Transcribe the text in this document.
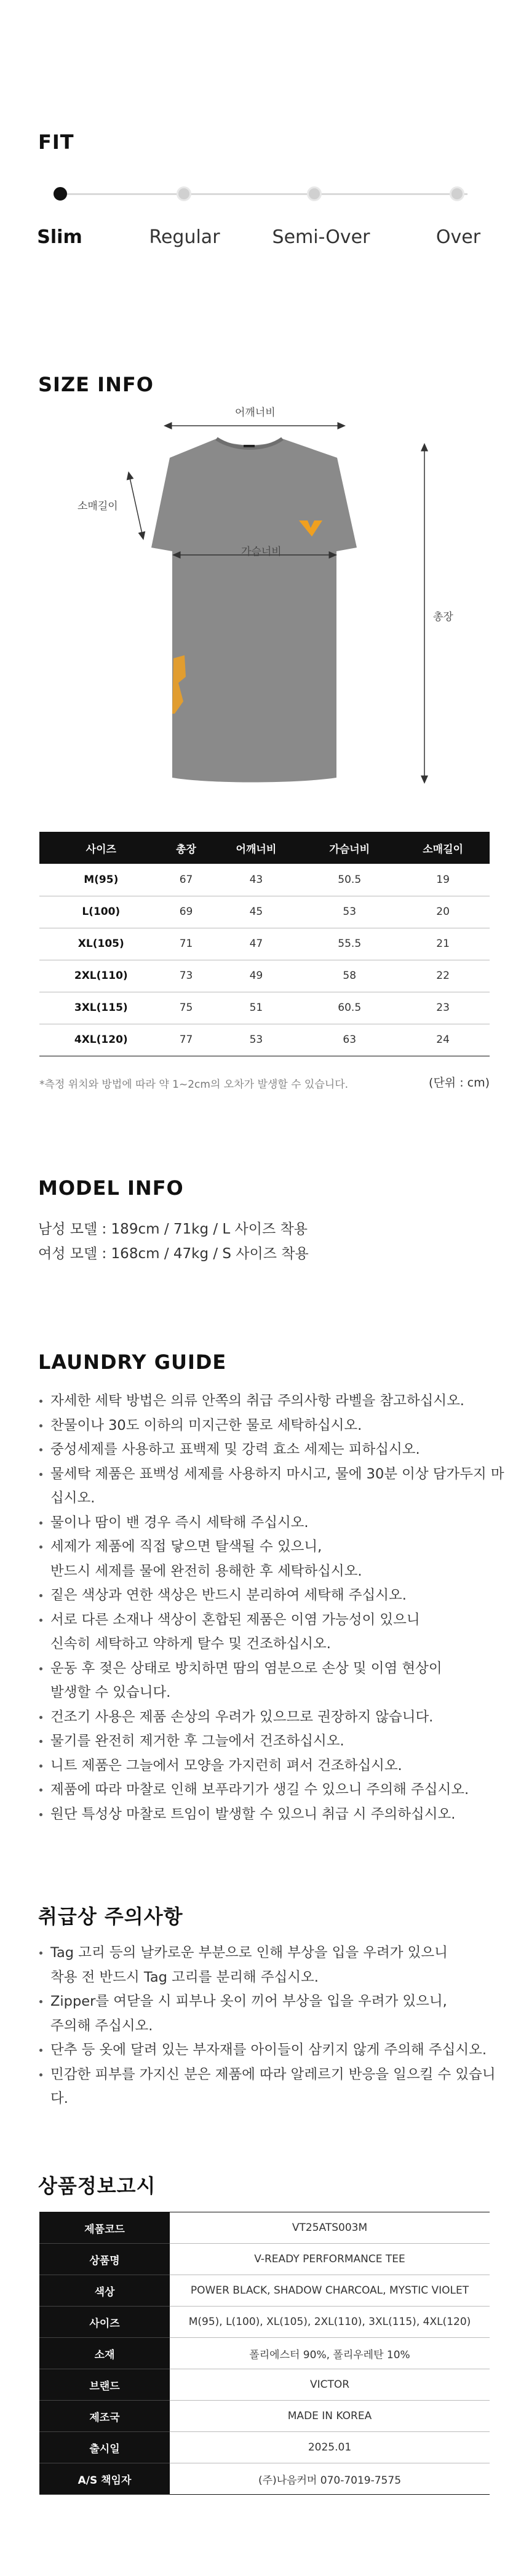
FIT
Slim	Regular	Semi-Over	Over
SIZE INFO
어깨너비
가슴너비
소매길이
총장
사이즈	총장	어깨너비	가슴너비	소매길이
M(95)	67	43	50.5	19
L(100)	69	45	53	20
XL(105)	71	47	55.5	21
2XL(110)	73	49	58	22
3XL(115)	75	51	60.5	23
4XL(120)	77	53	63	24
*측정 위치와 방법에 따라 약 1~2cm의 오차가 발생할 수 있습니다.	(단위 : cm)
MODEL INFO
남성 모델 : 189cm / 71kg / L 사이즈 착용
여성 모델 : 168cm / 47kg / S 사이즈 착용
LAUNDRY GUIDE
자세한 세탁 방법은 의류 안쪽의 취급 주의사항 라벨을 참고하십시오.
찬물이나 30도 이하의 미지근한 물로 세탁하십시오.
중성세제를 사용하고 표백제 및 강력 효소 세제는 피하십시오.
물세탁 제품은 표백성 세제를 사용하지 마시고, 물에 30분 이상 담가두지 마십시오.
물이나 땀이 밴 경우 즉시 세탁해 주십시오.
세제가 제품에 직접 닿으면 탈색될 수 있으니,
반드시 세제를 물에 완전히 용해한 후 세탁하십시오.
짙은 색상과 연한 색상은 반드시 분리하여 세탁해 주십시오.
서로 다른 소재나 색상이 혼합된 제품은 이염 가능성이 있으니
신속히 세탁하고 약하게 탈수 및 건조하십시오.
운동 후 젖은 상태로 방치하면 땀의 염분으로 손상 및 이염 현상이
발생할 수 있습니다.
건조기 사용은 제품 손상의 우려가 있으므로 권장하지 않습니다.
물기를 완전히 제거한 후 그늘에서 건조하십시오.
니트 제품은 그늘에서 모양을 가지런히 펴서 건조하십시오.
제품에 따라 마찰로 인해 보푸라기가 생길 수 있으니 주의해 주십시오.
원단 특성상 마찰로 트임이 발생할 수 있으니 취급 시 주의하십시오.
취급상 주의사항
Tag 고리 등의 날카로운 부분으로 인해 부상을 입을 우려가 있으니
착용 전 반드시 Tag 고리를 분리해 주십시오.
Zipper를 여닫을 시 피부나 옷이 끼어 부상을 입을 우려가 있으니,
주의해 주십시오.
단추 등 옷에 달려 있는 부자재를 아이들이 삼키지 않게 주의해 주십시오.
민감한 피부를 가지신 분은 제품에 따라 알레르기 반응을 일으킬 수 있습니다.
상품정보고시
제품코드	VT25ATS003M
상품명	V-READY PERFORMANCE TEE
색상	POWER BLACK, SHADOW CHARCOAL, MYSTIC VIOLET
사이즈	M(95), L(100), XL(105), 2XL(110), 3XL(115), 4XL(120)
소재	폴리에스터 90%, 폴리우레탄 10%
브랜드	VICTOR
제조국	MADE IN KOREA
출시일	2025.01
A/S 책임자	(주)나음커머 070-7019-7575
